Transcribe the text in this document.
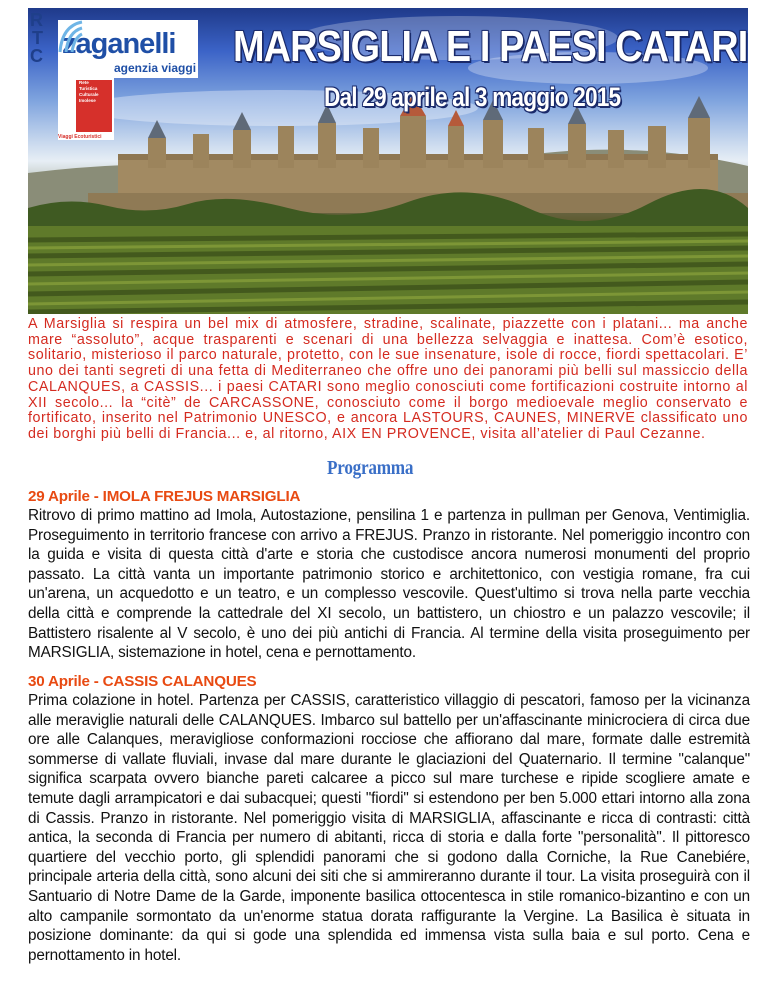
zaganelli
agenzia viaggi
R
T
C
Rete
Turistica
Culturale
Imolese
Viaggi Ecoturistici
MARSIGLIA E I PAESI CATARI
Dal 29 aprile al 3 maggio 2015
A Marsiglia si respira un bel mix di atmosfere, stradine, scalinate, piazzette con i platani... ma anche mare “assoluto”, acque trasparenti e scenari di una bellezza selvaggia e inattesa. Com’è esotico, solitario, misterioso il parco naturale, protetto, con le sue insenature, isole di rocce, fiordi spettacolari. E’ uno dei tanti segreti di una fetta di Mediterraneo che offre uno dei panorami più belli sul massiccio della CALANQUES, a CASSIS... i paesi CATARI sono meglio conosciuti come fortificazioni costruite intorno al XII secolo... la “citè” de CARCASSONE, conosciuto come il borgo medioevale meglio conservato e fortificato, inserito nel Patrimonio UNESCO, e ancora LASTOURS, CAUNES, MINERVE classificato uno dei borghi più belli di Francia... e, al ritorno, AIX EN PROVENCE, visita all’atelier di Paul Cezanne.
Programma
29 Aprile - IMOLA FREJUS MARSIGLIA
Ritrovo di primo mattino ad Imola, Autostazione, pensilina 1 e partenza in pullman per Genova, Ventimiglia. Proseguimento in territorio francese con arrivo a FREJUS. Pranzo in ristorante. Nel pomeriggio incontro con la guida e visita di questa città d'arte e storia che custodisce ancora numerosi monumenti del proprio passato. La città vanta un importante patrimonio storico e architettonico, con vestigia romane, fra cui un'arena, un acquedotto e un teatro, e un complesso vescovile. Quest'ultimo si trova nella parte vecchia della città e comprende la cattedrale del XI secolo, un battistero, un chiostro e un palazzo vescovile; il Battistero risalente al V secolo, è uno dei più antichi di Francia. Al termine della visita proseguimento per MARSIGLIA, sistemazione in hotel, cena e pernottamento.
30 Aprile - CASSIS CALANQUES
Prima colazione in hotel. Partenza per CASSIS, caratteristico villaggio di pescatori, famoso per la vicinanza alle meraviglie naturali delle CALANQUES. Imbarco sul battello per un'affascinante minicrociera di circa due ore alle Calanques, meravigliose conformazioni rocciose che affiorano dal mare, formate dalle estremità sommerse di vallate fluviali, invase dal mare durante le glaciazioni del Quaternario. Il termine "calanque" significa scarpata ovvero bianche pareti calcaree a picco sul mare turchese e ripide scogliere amate e temute dagli arrampicatori e dai subacquei; questi "fiordi" si estendono per ben 5.000 ettari intorno alla zona di Cassis. Pranzo in ristorante. Nel pomeriggio visita di MARSIGLIA, affascinante e ricca di contrasti: città antica, la seconda di Francia per numero di abitanti, ricca di storia e dalla forte "personalità". Il pittoresco quartiere del vecchio porto, gli splendidi panorami che si godono dalla Corniche, la Rue Canebiére, principale arteria della città, sono alcuni dei siti che si ammireranno durante il tour. La visita proseguirà con il Santuario di Notre Dame de la Garde, imponente basilica ottocentesca in stile romanico-bizantino e con un alto campanile sormontato da un'enorme statua dorata raffigurante la Vergine. La Basilica è situata in posizione dominante: da qui si gode una splendida ed immensa vista sulla baia e sul porto. Cena e pernottamento in hotel.
